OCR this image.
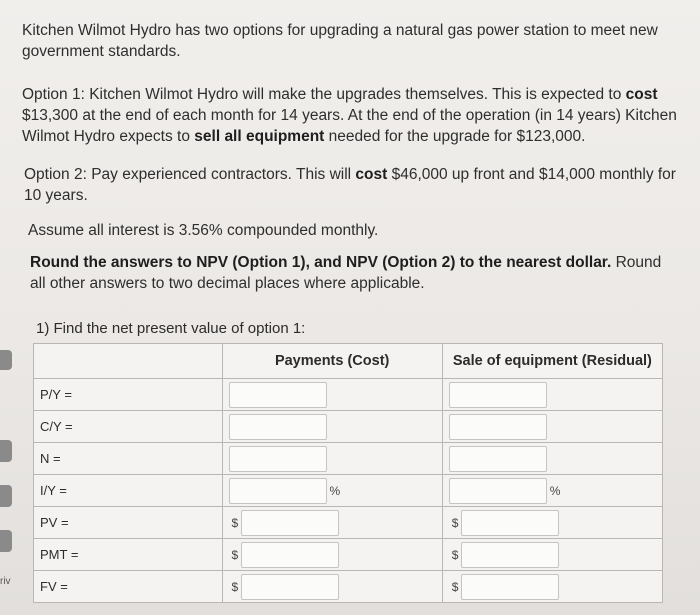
riv

Kitchen Wilmot Hydro has two options for upgrading a natural gas power station to meet new government standards.

Option 1: Kitchen Wilmot Hydro will make the upgrades themselves. This is expected to cost $13,300 at the end of each month for 14 years. At the end of the operation (in 14 years) Kitchen Wilmot Hydro expects to sell all equipment needed for the upgrade for $123,000.

Option 2: Pay experienced contractors. This will cost $46,000 up front and $14,000 monthly for 10 years.

Assume all interest is 3.56% compounded monthly.

Round the answers to NPV (Option 1), and NPV (Option 2) to the nearest dollar. Round all other answers to two decimal places where applicable.

1) Find the net present value of option 1:
	Payments (Cost)	Sale of equipment (Residual)
P/Y =	

C/Y =	

N =	

I/Y =	%	%

PV =	$	$

PMT =	$	$

FV =	$	$
